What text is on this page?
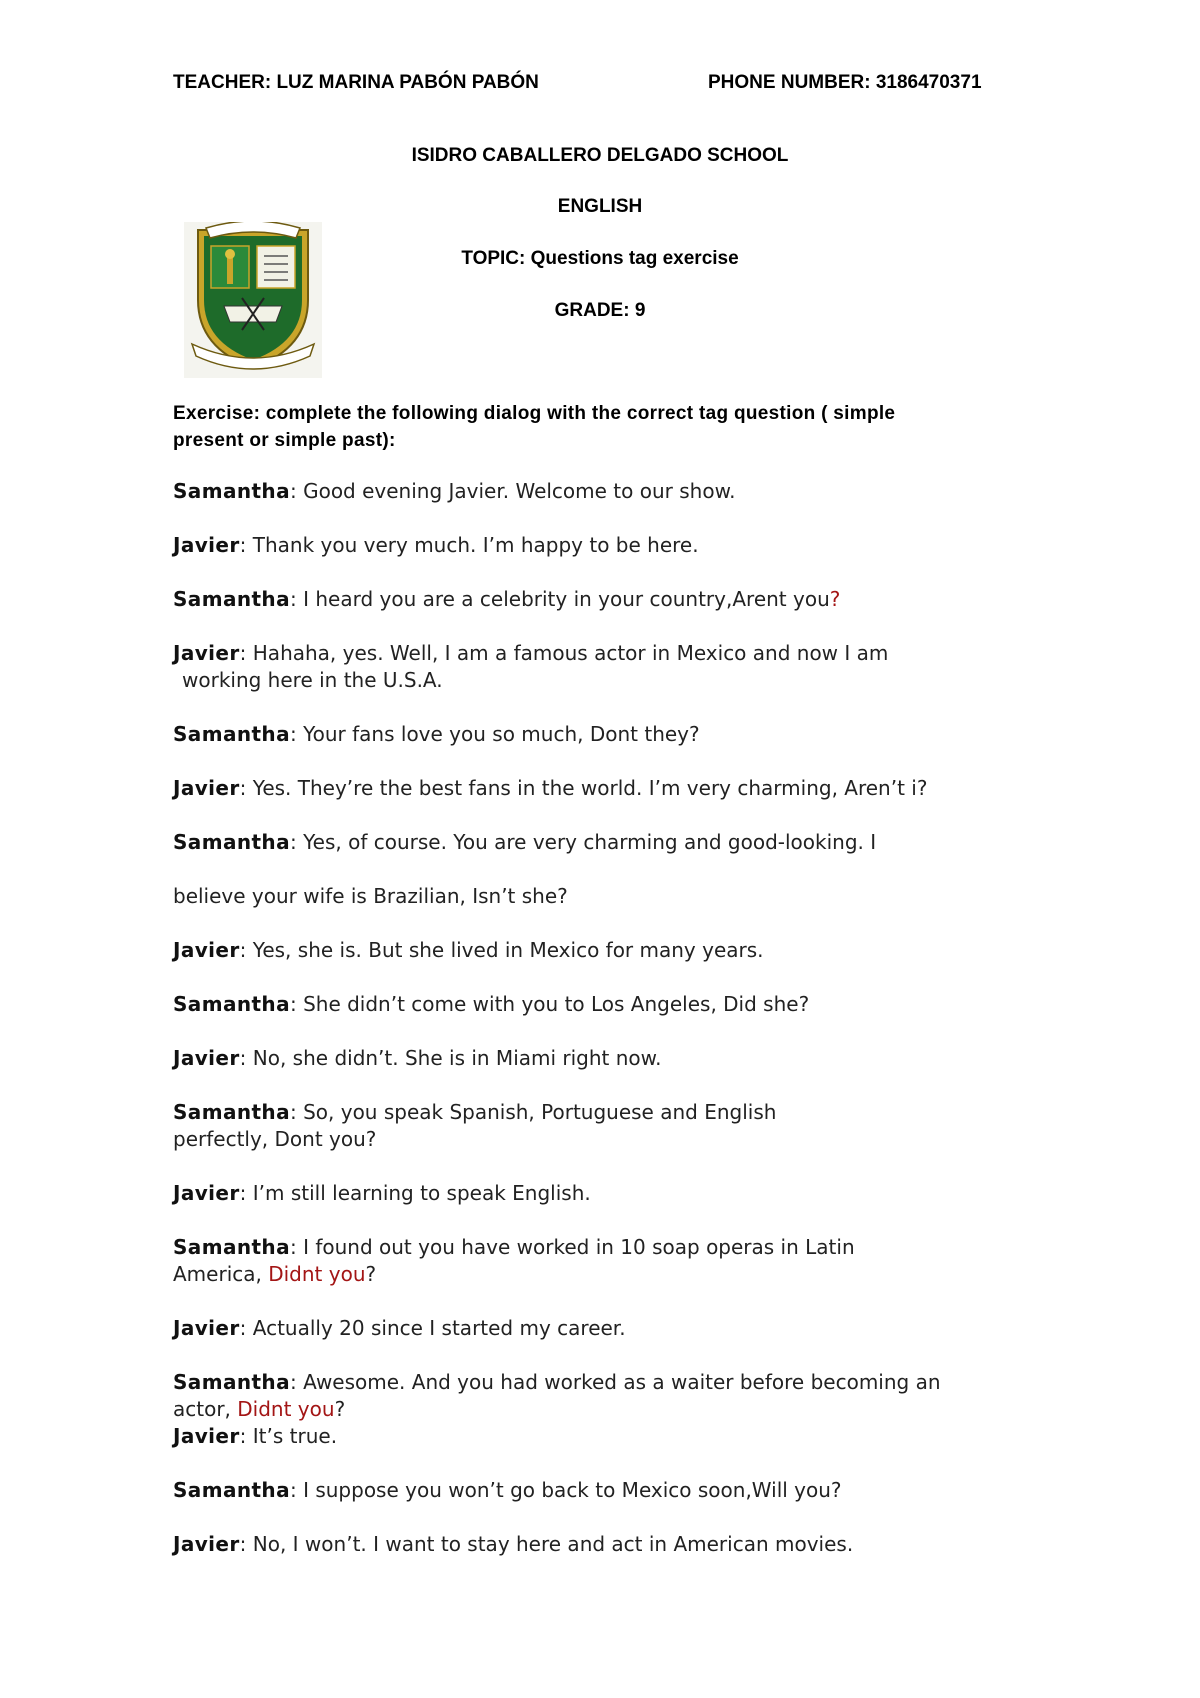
TEACHER: LUZ MARINA PABÓN PABÓN	PHONE NUMBER: 3186470371
ISIDRO CABALLERO DELGADO SCHOOL
ENGLISH
TOPIC: Questions tag exercise
GRADE: 9
Exercise: complete the following dialog with the correct tag question ( simple
present or simple past):
Samantha: Good evening Javier. Welcome to our show.
Javier: Thank you very much. I’m happy to be here.
Samantha: I heard you are a celebrity in your country,Arent you?
Javier: Hahaha, yes. Well, I am a famous actor in Mexico and now I am
working here in the U.S.A.
Samantha: Your fans love you so much, Dont they?
Javier: Yes. They’re the best fans in the world. I’m very charming, Aren’t i?
Samantha: Yes, of course. You are very charming and good-looking. I
believe your wife is Brazilian, Isn’t she?
Javier: Yes, she is. But she lived in Mexico for many years.
Samantha: She didn’t come with you to Los Angeles, Did she?
Javier: No, she didn’t. She is in Miami right now.
Samantha: So, you speak Spanish, Portuguese and English
perfectly, Dont you?
Javier: I’m still learning to speak English.
Samantha: I found out you have worked in 10 soap operas in Latin
America, Didnt you?
Javier: Actually 20 since I started my career.
Samantha: Awesome. And you had worked as a waiter before becoming an
actor, Didnt you?
Javier: It’s true.
Samantha: I suppose you won’t go back to Mexico soon,Will you?
Javier: No, I won’t. I want to stay here and act in American movies.
